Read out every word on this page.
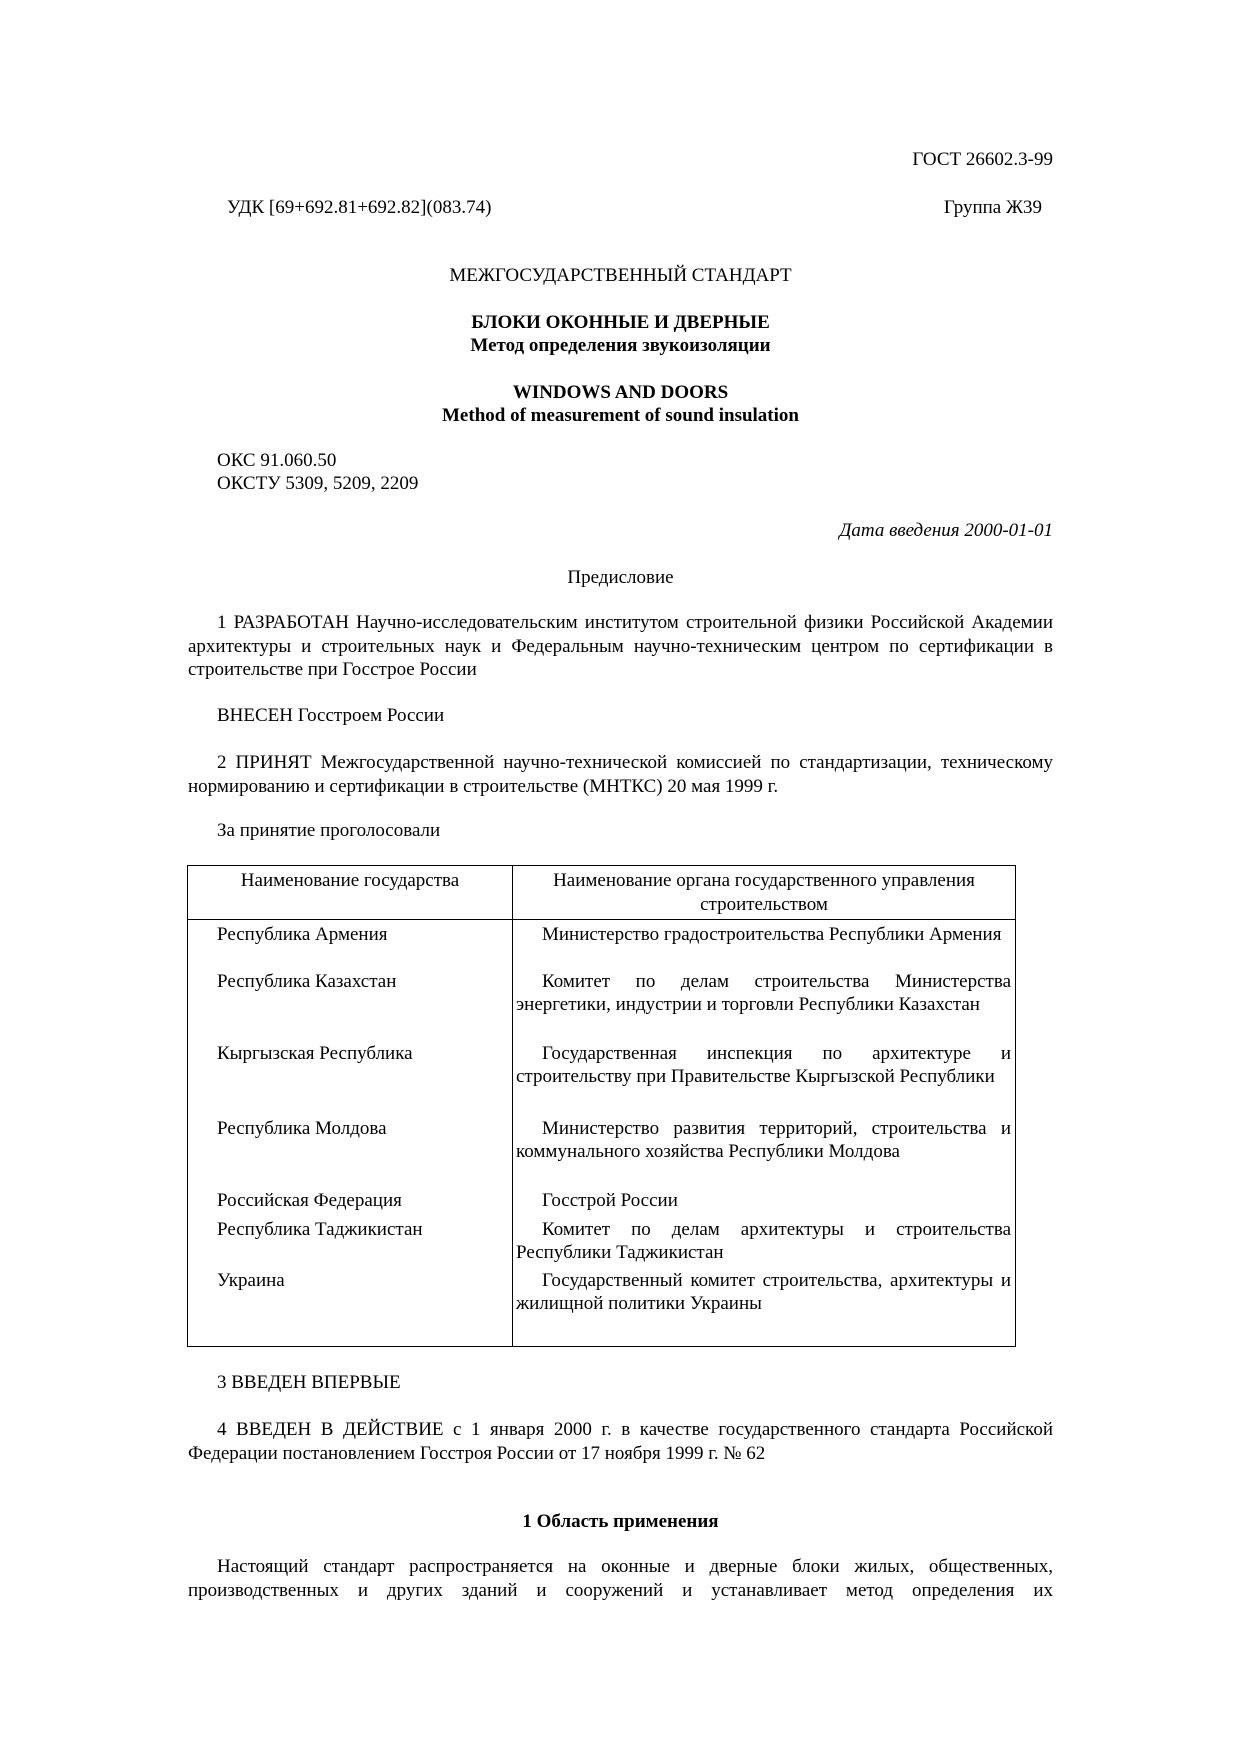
ГОСТ 26602.3-99
УДК [69+692.81+692.82](083.74)	Группа Ж39
МЕЖГОСУДАРСТВЕННЫЙ СТАНДАРТ
БЛОКИ ОКОННЫЕ И ДВЕРНЫЕ
Метод определения звукоизоляции
WINDOWS AND DOORS
Method of measurement of sound insulation
ОКС 91.060.50
ОКСТУ 5309, 5209, 2209
Дата введения 2000-01-01
Предисловие
1 РАЗРАБОТАН Научно-исследовательским институтом строительной физики Российской Академии архитектуры и строительных наук и Федеральным научно-техническим центром по сертификации в строительстве при Госстрое России
ВНЕСЕН Госстроем России
2 ПРИНЯТ Межгосударственной научно-технической комиссией по стандартизации, техническому нормированию и сертификации в строительстве (МНТКС) 20 мая 1999 г.
За принятие проголосовали
Наименование государства	Наименование органа государственного управления строительством
Республика Армения	Министерство градостроительства Республики Армения

Республика Казахстан	Комитет по делам строительства Министерства энергетики, индустрии и торговли Республики Казахстан

Кыргызская Республика	Государственная инспекция по архитектуре и строительству при Правительстве Кыргызской Республики

Республика Молдова	Министерство развития территорий, строительства и коммунального хозяйства Республики Молдова

Российская Федерация	Госстрой России

Республика Таджикистан	Комитет по делам архитектуры и строительства Республики Таджикистан

Украина	Государственный комитет строительства, архитектуры и жилищной политики Украины
3 ВВЕДЕН ВПЕРВЫЕ
4 ВВЕДЕН В ДЕЙСТВИЕ с 1 января 2000 г. в качестве государственного стандарта Российской Федерации постановлением Госстроя России от 17 ноября 1999 г. № 62
1 Область применения
Настоящий стандарт распространяется на оконные и дверные блоки жилых, общественных, производственных и других зданий и сооружений и устанавливает метод определения их
